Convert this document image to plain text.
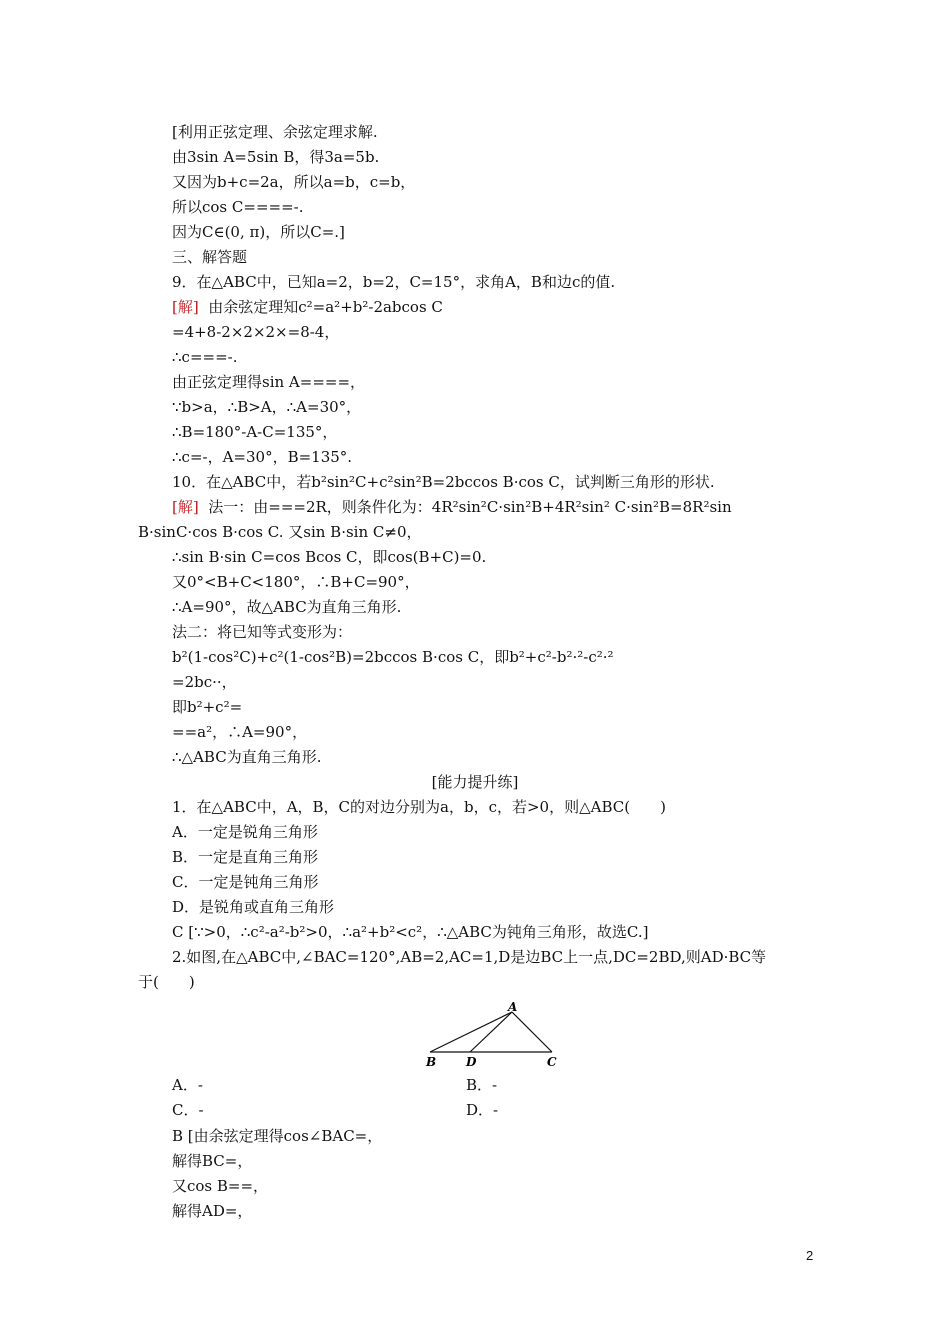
[利用正弦定理、余弦定理求解.
由3sin A=5sin B，得3a=5b.
又因为b+c=2a，所以a=b，c=b，
所以cos C====-.
因为C∈(0, π)，所以C=.]
三、解答题
9．在△ABC中，已知a=2，b=2，C=15°，求角A，B和边c的值.
[解]  由余弦定理知c²=a²+b²-2abcos C
=4+8-2×2×2×=8-4，
∴c===-.
由正弦定理得sin A====，
∵b>a，∴B>A，∴A=30°，
∴B=180°-A-C=135°，
∴c=-，A=30°，B=135°.
10．在△ABC中，若b²sin²C+c²sin²B=2bccos B·cos C，试判断三角形的形状.
[解]  法一：由===2R，则条件化为：4R²sin²C·sin²B+4R²sin² C·sin²B=8R²sin
B·sinC·cos B·cos C. 又sin B·sin C≠0，
∴sin B·sin C=cos Bcos C，即cos(B+C)=0.
又0°<B+C<180°，∴B+C=90°，
∴A=90°，故△ABC为直角三角形.
法二：将已知等式变形为：
b²(1-cos²C)+c²(1-cos²B)=2bccos B·cos C，即b²+c²-b²·²-c²·²
=2bc··，
即b²+c²=
==a²，∴A=90°，
∴△ABC为直角三角形.
[能力提升练]
1．在△ABC中，A，B，C的对边分别为a，b，c，若>0，则△ABC(　　)
A．一定是锐角三角形
B．一定是直角三角形
C．一定是钝角三角形
D．是锐角或直角三角形
C [∵>0，∴c²-a²-b²>0，∴a²+b²<c²，∴△ABC为钝角三角形，故选C.]
2.如图,在△ABC中,∠BAC=120°,AB=2,AC=1,D是边BC上一点,DC=2BD,则AD·BC等
于(　　)
A
B D	C
A．-	B．-
C．-	D．-
B [由余弦定理得cos∠BAC=，
解得BC=，
又cos B==，
解得AD=，
2
